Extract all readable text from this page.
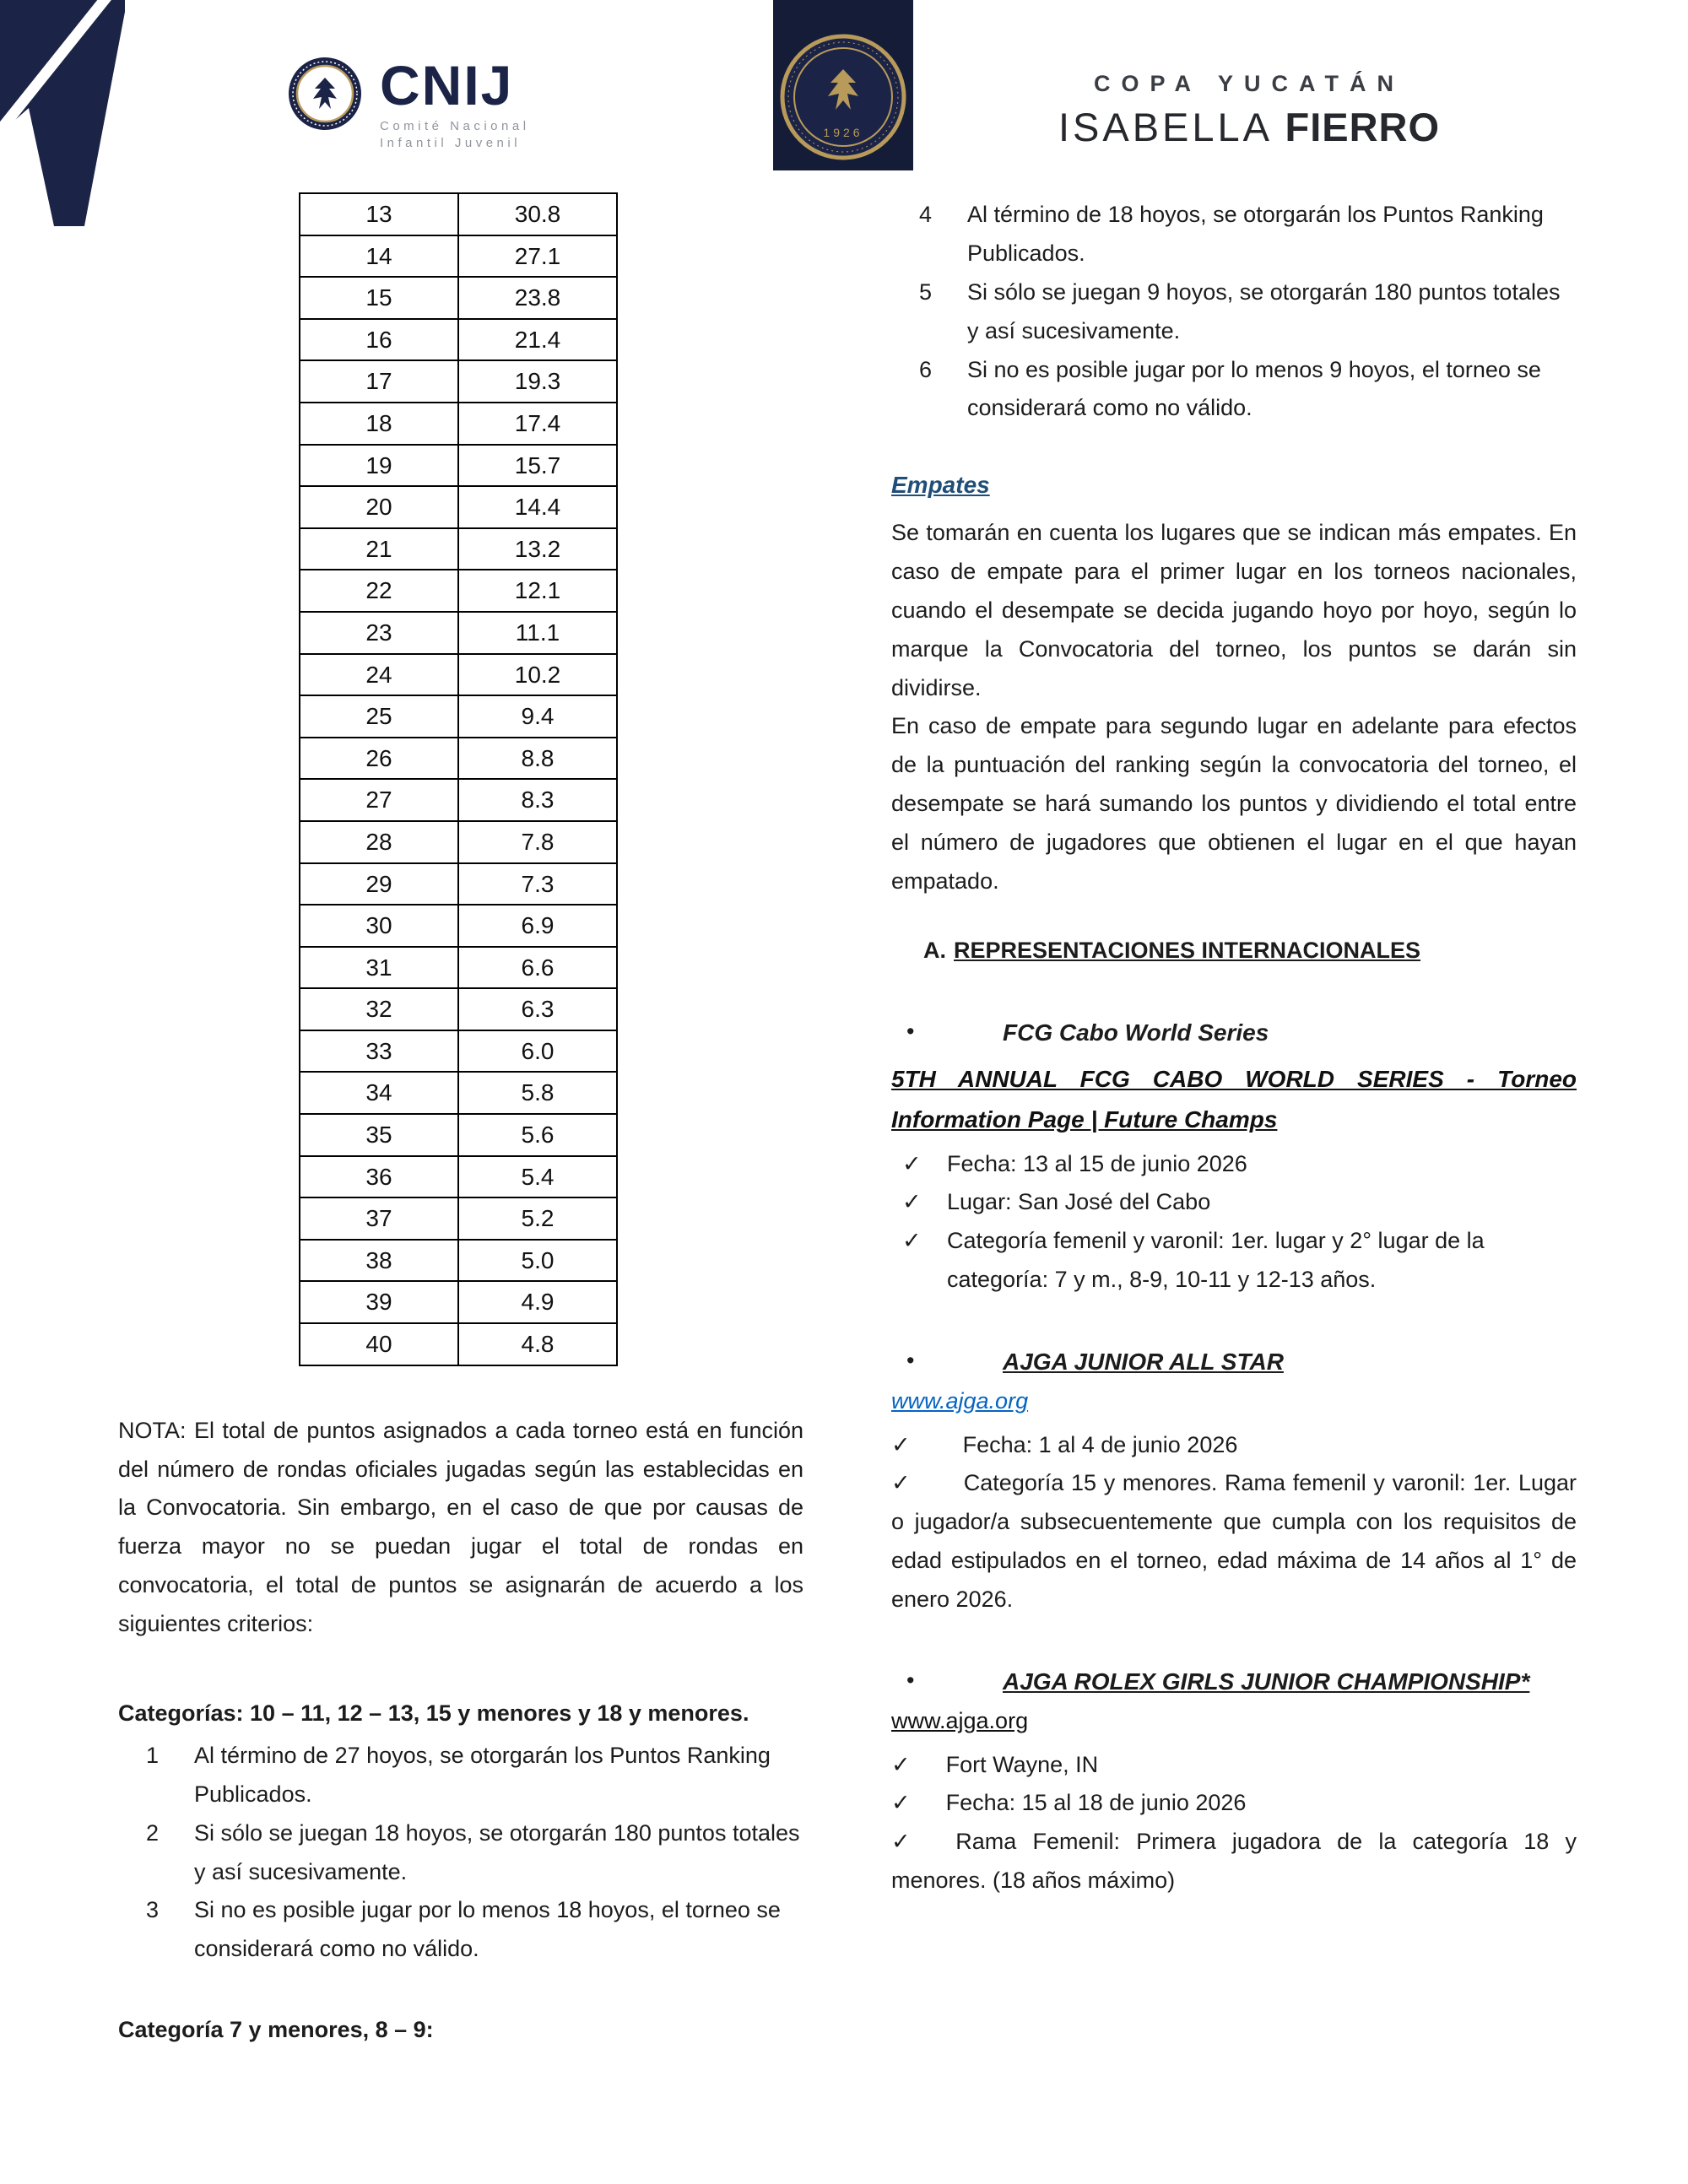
CNIJ
Comité Nacional
Infantil Juvenil
1926
COPA YUCATÁN
ISABELLA FIERRO
13	30.8
14	27.1
15	23.8
16	21.4
17	19.3
18	17.4
19	15.7
20	14.4
21	13.2
22	12.1
23	11.1
24	10.2
25	9.4
26	8.8
27	8.3
28	7.8
29	7.3
30	6.9
31	6.6
32	6.3
33	6.0
34	5.8
35	5.6
36	5.4
37	5.2
38	5.0
39	4.9
40	4.8

NOTA: El total de puntos asignados a cada torneo está en función del número de rondas oficiales jugadas según las establecidas en la Convocatoria. Sin embargo, en el caso de que por causas de fuerza mayor no se puedan jugar el total de rondas en convocatoria, el total de puntos se asignarán de acuerdo a los siguientes criterios:

Categorías: 10 – 11, 12 – 13, 15 y menores y 18 y menores.

1	Al término de 27 hoyos, se otorgarán los Puntos Ranking Publicados.
2	Si sólo se juegan 18 hoyos, se otorgarán 180 puntos totales y así sucesivamente.
3	Si no es posible jugar por lo menos 18 hoyos, el torneo se considerará como no válido.

Categoría 7 y menores, 8 – 9:

4	Al término de 18 hoyos, se otorgarán los Puntos Ranking Publicados.
5	Si sólo se juegan 9 hoyos, se otorgarán 180 puntos totales y así sucesivamente.
6	Si no es posible jugar por lo menos 9 hoyos, el torneo se considerará como no válido.

Empates

Se tomarán en cuenta los lugares que se indican más empates. En caso de empate para el primer lugar en los torneos nacionales, cuando el desempate se decida jugando hoyo por hoyo, según lo marque la Convocatoria del torneo, los puntos se darán sin dividirse.

En caso de empate para segundo lugar en adelante para efectos de la puntuación del ranking según la convocatoria del torneo, el desempate se hará sumando los puntos y dividiendo el total entre el número de jugadores que obtienen el lugar en el que hayan empatado.

A. REPRESENTACIONES INTERNACIONALES
•	FCG Cabo World Series
5TH ANNUAL FCG CABO WORLD SERIES - Torneo Information Page | Future Champs
✓	Fecha: 13 al 15 de junio 2026
✓	Lugar: San José del Cabo
✓	Categoría femenil y varonil: 1er. lugar y 2° lugar de la categoría: 7 y m., 8-9, 10-11 y 12-13 años.
•	AJGA JUNIOR ALL STAR
www.ajga.org

✓ Fecha: 1 al 4 de junio 2026

✓ Categoría 15 y menores. Rama femenil y varonil: 1er. Lugar o jugador/a subsecuentemente que cumpla con los requisitos de edad estipulados en el torneo, edad máxima de 14 años al 1° de enero 2026.

•	AJGA ROLEX GIRLS JUNIOR CHAMPIONSHIP*
www.ajga.org

✓ Fort Wayne, IN

✓ Fecha: 15 al 18 de junio 2026

✓ Rama Femenil: Primera jugadora de la categoría 18 y menores. (18 años máximo)
